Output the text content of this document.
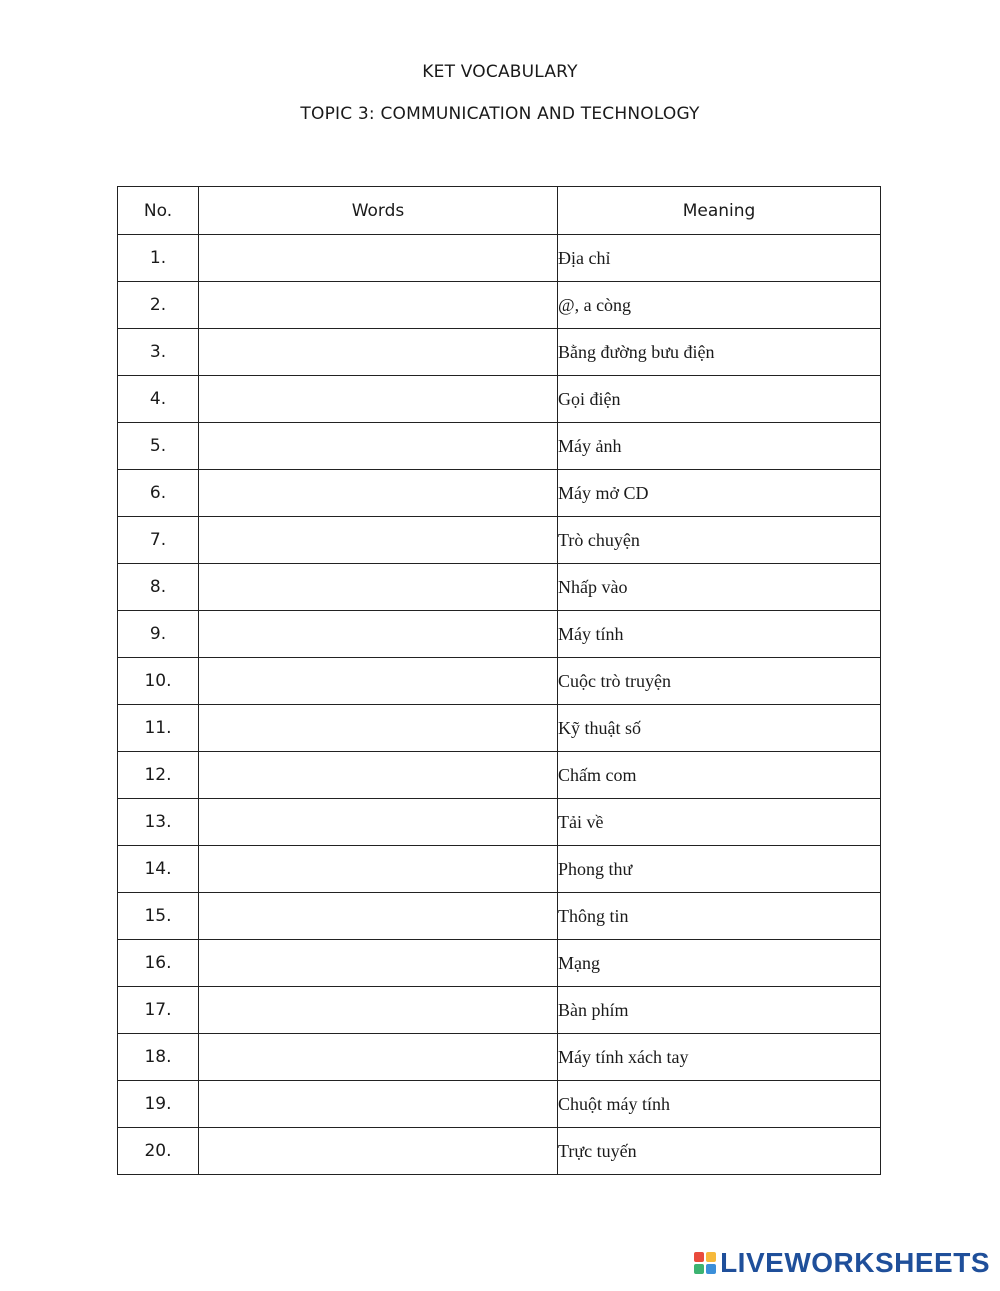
KET VOCABULARY
TOPIC 3: COMMUNICATION AND TECHNOLOGY
No.	Words	Meaning
1.		Địa chỉ
2.		@, a còng
3.		Bằng đường bưu điện
4.		Gọi điện
5.		Máy ảnh
6.		Máy mở CD
7.		Trò chuyện
8.		Nhấp vào
9.		Máy tính
10.		Cuộc trò truyện
11.		Kỹ thuật số
12.		Chấm com
13.		Tải về
14.		Phong thư
15.		Thông tin
16.		Mạng
17.		Bàn phím
18.		Máy tính xách tay
19.		Chuột máy tính
20.		Trực tuyến
LIVEWORKSHEETS
